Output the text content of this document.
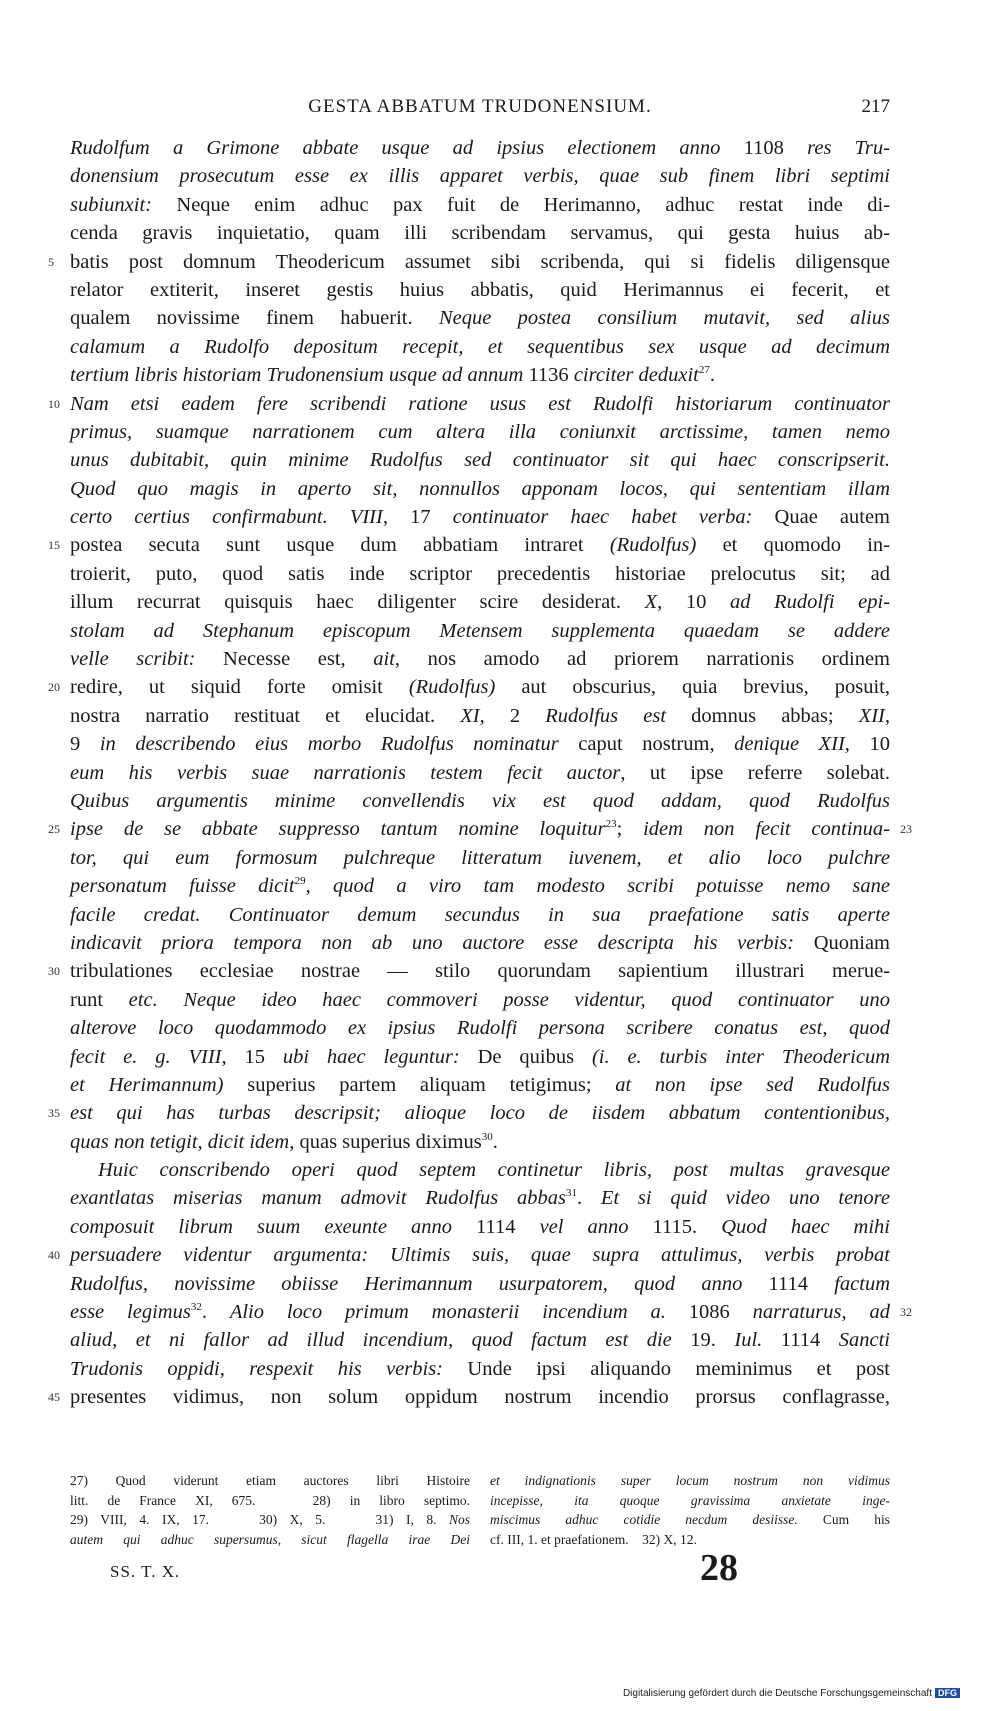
GESTA ABBATUM TRUDONENSIUM.	217
Rudolfum a Grimone abbate usque ad ipsius electionem anno 1108 res Tru-
donensium prosecutum esse ex illis apparet verbis, quae sub finem libri septimi
subiunxit: Neque enim adhuc pax fuit de Herimanno, adhuc restat inde di-
cenda gravis inquietatio, quam illi scribendam servamus, qui gesta huius ab-
5 batis post domnum Theodericum assumet sibi scribenda, qui si fidelis diligensque
relator extiterit, inseret gestis huius abbatis, quid Herimannus ei fecerit, et
qualem novissime finem habuerit. Neque postea consilium mutavit, sed alius
calamum a Rudolfo depositum recepit, et sequentibus sex usque ad decimum
tertium libris historiam Trudonensium usque ad annum 1136 circiter deduxit$^{27}$.
10 Nam etsi eadem fere scribendi ratione usus est Rudolfi historiarum continuator
primus, suamque narrationem cum altera illa coniunxit arctissime, tamen nemo
unus dubitabit, quin minime Rudolfus sed continuator sit qui haec conscripserit.
Quod quo magis in aperto sit, nonnullos apponam locos, qui sententiam illam
certo certius confirmabunt. VIII, 17 continuator haec habet verba: Quae autem
15 postea secuta sunt usque dum abbatiam intraret (Rudolfus) et quomodo in-
troierit, puto, quod satis inde scriptor precedentis historiae prelocutus sit; ad
illum recurrat quisquis haec diligenter scire desiderat. X, 10 ad Rudolfi epi-
stolam ad Stephanum episcopum Metensem supplementa quaedam se addere
velle scribit: Necesse est, ait, nos amodo ad priorem narrationis ordinem
20 redire, ut siquid forte omisit (Rudolfus) aut obscurius, quia brevius, posuit,
nostra narratio restituat et elucidat. XI, 2 Rudolfus est domnus abbas; XII,
9 in describendo eius morbo Rudolfus nominatur caput nostrum, denique XII, 10
eum his verbis suae narrationis testem fecit auctor, ut ipse referre solebat.
Quibus argumentis minime convellendis vix est quod addam, quod Rudolfus
25 ipse de se abbate suppresso tantum nomine loquitur$^{23}$; idem non fecit continua- 23
tor, qui eum formosum pulchreque litteratum iuvenem, et alio loco pulchre
personatum fuisse dicit$^{29}$, quod a viro tam modesto scribi potuisse nemo sane
facile credat. Continuator demum secundus in sua praefatione satis aperte
indicavit priora tempora non ab uno auctore esse descripta his verbis: Quoniam
30 tribulationes ecclesiae nostrae — stilo quorundam sapientium illustrari merue-
runt etc. Neque ideo haec commoveri posse videntur, quod continuator uno
alterove loco quodammodo ex ipsius Rudolfi persona scribere conatus est, quod
fecit e. g. VIII, 15 ubi haec leguntur: De quibus (i. e. turbis inter Theodericum
et Herimannum) superius partem aliquam tetigimus; at non ipse sed Rudolfus
35 est qui has turbas descripsit; alioque loco de iisdem abbatum contentionibus,
quas non tetigit, dicit idem, quas superius diximus$^{30}$.
Huic conscribendo operi quod septem continetur libris, post multas gravesque
exantlatas miserias manum admovit Rudolfus abbas$^{31}$. Et si quid video uno tenore
composuit librum suum exeunte anno 1114 vel anno 1115. Quod haec mihi
40 persuadere videntur argumenta: Ultimis suis, quae supra attulimus, verbis probat
Rudolfus, novissime obiisse Herimannum usurpatorem, quod anno 1114 factum
esse legimus$^{32}$. Alio loco primum monasterii incendium a. 1086 narraturus, ad 32
aliud, et ni fallor ad illud incendium, quod factum est die 19. Iul. 1114 Sancti
Trudonis oppidi, respexit his verbis: Unde ipsi aliquando meminimus et post
45 presentes vidimus, non solum oppidum nostrum incendio prorsus conflagrasse,
27) Quod viderunt etiam auctores libri Histoire
litt. de France XI, 675.   28) in libro septimo.
29) VIII, 4. IX, 17.    30) X, 5.    31) I, 8. Nos
autem qui adhuc supersumus, sicut flagella irae Dei
et indignationis super locum nostrum non vidimus
incepisse, ita quoque gravissima anxietate inge-
miscimus adhuc cotidie necdum desiisse. Cum his
cf. III, 1. et praefationem.    32) X, 12.
SS. T. X.	28
Digitalisierung gefördert durch die Deutsche Forschungsgemeinschaft DFG
